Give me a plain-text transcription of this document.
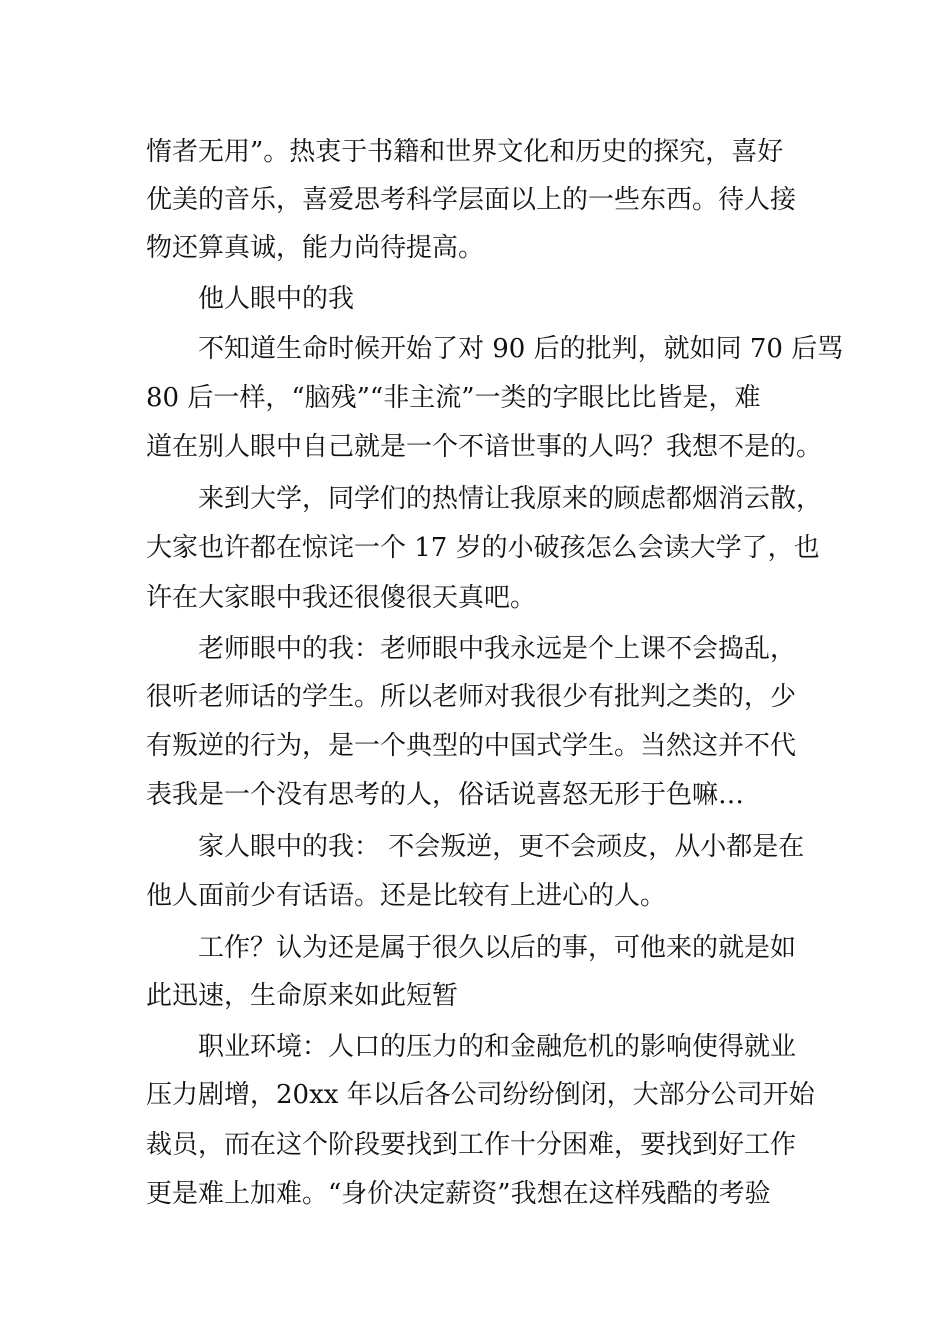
惰者无用”。热衷于书籍和世界文化和历史的探究，喜好
优美的音乐，喜爱思考科学层面以上的一些东西。待人接
物还算真诚，能力尚待提高。
他人眼中的我
不知道生命时候开始了对 90 后的批判，就如同 70 后骂
80 后一样，“脑残”“非主流”一类的字眼比比皆是，难
道在别人眼中自己就是一个不谙世事的人吗？我想不是的。
来到大学，同学们的热情让我原来的顾虑都烟消云散，
大家也许都在惊诧一个 17 岁的小破孩怎么会读大学了，也
许在大家眼中我还很傻很天真吧。
老师眼中的我：老师眼中我永远是个上课不会捣乱，
很听老师话的学生。所以老师对我很少有批判之类的，少
有叛逆的行为，是一个典型的中国式学生。当然这并不代
表我是一个没有思考的人，俗话说喜怒无形于色嘛…
家人眼中的我： 不会叛逆，更不会顽皮，从小都是在
他人面前少有话语。还是比较有上进心的人。
工作？认为还是属于很久以后的事，可他来的就是如
此迅速，生命原来如此短暂
职业环境：人口的压力的和金融危机的影响使得就业
压力剧增，20xx 年以后各公司纷纷倒闭，大部分公司开始
裁员，而在这个阶段要找到工作十分困难，要找到好工作
更是难上加难。“身价决定薪资”我想在这样残酷的考验
